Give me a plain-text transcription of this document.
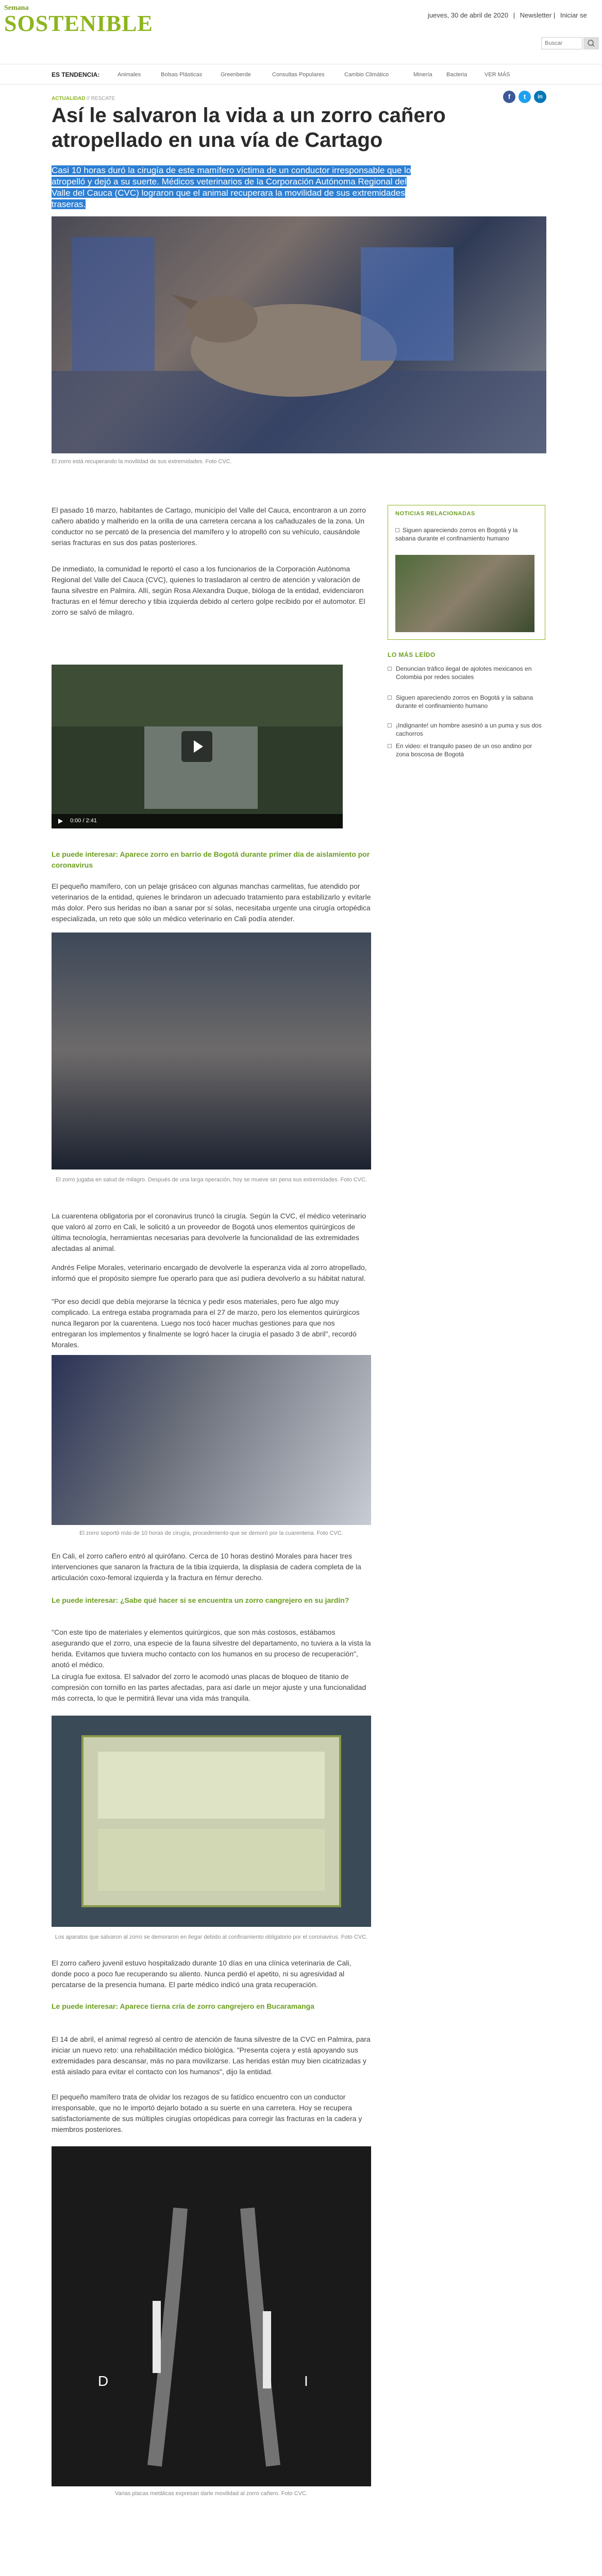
Semana
SOSTENIBLE	jueves, 30 de abril de 2020 | Newsletter | Iniciar se
Buscar
ES TENDENCIA:	Animales	Bolsas Plásticas	Greenberde	Consultas Populares	Cambio Climático	Minería Bacteria	VER MÁS
ACTUALIDAD // RESCATE	f	t	in
Así le salvaron la vida a un zorro cañero atropellado en una vía de Cartago

Casi 10 horas duró la cirugía de este mamífero víctima de un conductor irresponsable que lo atropelló y dejó a su suerte. Médicos veterinarios de la Corporación Autónoma Regional del Valle del Cauca (CVC) lograron que el animal recuperara la movilidad de sus extremidades traseras.

El zorro está recuperando la movilidad de sus extremidades. Foto CVC.

El pasado 16 marzo, habitantes de Cartago, municipio del Valle del Cauca, encontraron a un zorro cañero abatido y malherido en la orilla de una carretera cercana a los cañaduzales de la zona. Un conductor no se percató de la presencia del mamífero y lo atropelló con su vehículo, causándole serias fracturas en sus dos patas posteriores.

De inmediato, la comunidad le reportó el caso a los funcionarios de la Corporación Autónoma Regional del Valle del Cauca (CVC), quienes lo trasladaron al centro de atención y valoración de fauna silvestre en Palmira. Allí, según Rosa Alexandra Duque, bióloga de la entidad, evidenciaron fracturas en el fémur derecho y tibia izquierda debido al certero golpe recibido por el automotor. El zorro se salvó de milagro.

0:00 / 2:41

Le puede interesar: Aparece zorro en barrio de Bogotá durante primer día de aislamiento por coronavirus

El pequeño mamífero, con un pelaje grisáceo con algunas manchas carmelitas, fue atendido por veterinarios de la entidad, quienes le brindaron un adecuado tratamiento para estabilizarlo y evitarle más dolor. Pero sus heridas no iban a sanar por sí solas, necesitaba urgente una cirugía ortopédica especializada, un reto que sólo un médico veterinario en Cali podía atender.

El zorro jugaba en salud de milagro. Después de una larga operación, hoy se mueve sin pena sus extremidades. Foto CVC.

La cuarentena obligatoria por el coronavirus truncó la cirugía. Según la CVC, el médico veterinario que valoró al zorro en Cali, le solicitó a un proveedor de Bogotá unos elementos quirúrgicos de última tecnología, herramientas necesarias para devolverle la funcionalidad de las extremidades afectadas al animal.

Andrés Felipe Morales, veterinario encargado de devolverle la esperanza vida al zorro atropellado, informó que el propósito siempre fue operarlo para que así pudiera devolverlo a su hábitat natural.

"Por eso decidí que debía mejorarse la técnica y pedir esos materiales, pero fue algo muy complicado. La entrega estaba programada para el 27 de marzo, pero los elementos quirúrgicos nunca llegaron por la cuarentena. Luego nos tocó hacer muchas gestiones para que nos entregaran los implementos y finalmente se logró hacer la cirugía el pasado 3 de abril", recordó Morales.

El zorro soportó más de 10 horas de cirugía, procedimiento que se demoró por la cuarentena. Foto CVC.

En Cali, el zorro cañero entró al quirófano. Cerca de 10 horas destinó Morales para hacer tres intervenciones que sanaron la fractura de la tibia izquierda, la displasia de cadera completa de la articulación coxo-femoral izquierda y la fractura en fémur derecho.

Le puede interesar: ¿Sabe qué hacer si se encuentra un zorro cangrejero en su jardín?

"Con este tipo de materiales y elementos quirúrgicos, que son más costosos, estábamos asegurando que el zorro, una especie de la fauna silvestre del departamento, no tuviera a la vista la herida. Evitamos que tuviera mucho contacto con los humanos en su proceso de recuperación", anotó el médico.

La cirugía fue exitosa. El salvador del zorro le acomodó unas placas de bloqueo de titanio de compresión con tornillo en las partes afectadas, para así darle un mejor ajuste y una funcionalidad más correcta, lo que le permitirá llevar una vida más tranquila.

Los aparatos que salvaron al zorro se demoraron en llegar debido al confinamiento obligatorio por el coronavirus. Foto CVC.

El zorro cañero juvenil estuvo hospitalizado durante 10 días en una clínica veterinaria de Cali, donde poco a poco fue recuperando su aliento. Nunca perdió el apetito, ni su agresividad al percatarse de la presencia humana. El parte médico indicó una grata recuperación.

Le puede interesar: Aparece tierna cría de zorro cangrejero en Bucaramanga

El 14 de abril, el animal regresó al centro de atención de fauna silvestre de la CVC en Palmira, para iniciar un nuevo reto: una rehabilitación médico biológica. "Presenta cojera y está apoyando sus extremidades para descansar, más no para movilizarse. Las heridas están muy bien cicatrizadas y está aislado para evitar el contacto con los humanos", dijo la entidad.

El pequeño mamífero trata de olvidar los rezagos de su fatídico encuentro con un conductor irresponsable, que no le importó dejarlo botado a su suerte en una carretera. Hoy se recupera satisfactoriamente de sus múltiples cirugías ortopédicas para corregir las fracturas en la cadera y miembros posteriores.

D	I
Varias placas metálicas expresan darle movilidad al zorro cañero. Foto CVC.
NOTICIAS RELACIONADAS
Siguen apareciendo zorros en Bogotá y la sabana durante el confinamiento humano
LO MÁS LEÍDO
Denuncian tráfico ilegal de ajolotes mexicanos en Colombia por redes sociales
Siguen apareciendo zorros en Bogotá y la sabana durante el confinamiento humano
¡Indignante! un hombre asesinó a un puma y sus dos cachorros
En video: el tranquilo paseo de un oso andino por zona boscosa de Bogotá
